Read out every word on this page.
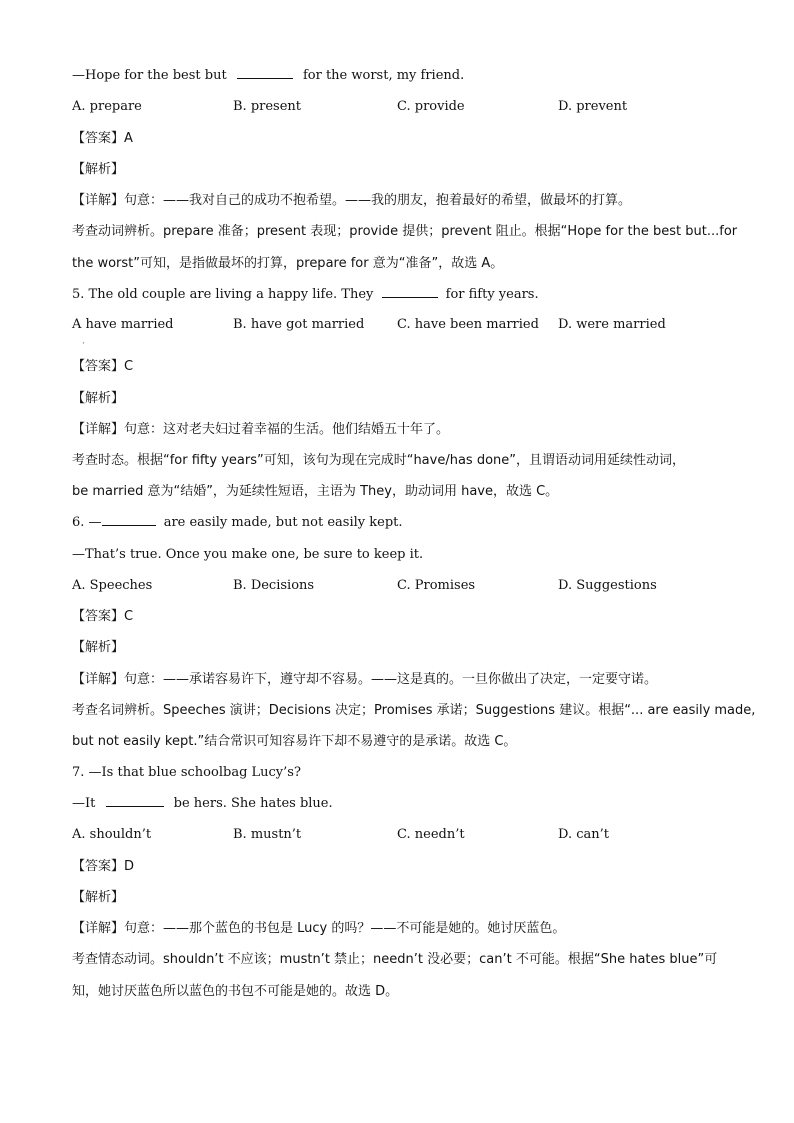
—Hope for the best but	for the worst, my friend.
A. prepare	B. present	C. provide	D. prevent
【答案】A
【解析】
【详解】句意：——我对自己的成功不抱希望。——我的朋友，抱着最好的希望，做最坏的打算。
考查动词辨析。prepare 准备；present 表现；provide 提供；prevent 阻止。根据“Hope for the best but...for
the worst”可知，是指做最坏的打算，prepare for 意为“准备”，故选 A。
5. The old couple are living a happy life. They	for fifty years.
A have married	B. have got married	C. have been married D. were married
·
【答案】C
【解析】
【详解】句意：这对老夫妇过着幸福的生活。他们结婚五十年了。
考查时态。根据“for fifty years”可知，该句为现在完成时“have/has done”，且谓语动词用延续性动词，
be married 意为“结婚”，为延续性短语，主语为 They，助动词用 have，故选 C。
6. —	are easily made, but not easily kept.
—That’s true. Once you make one, be sure to keep it.
A. Speeches	B. Decisions	C. Promises	D. Suggestions
【答案】C
【解析】
【详解】句意：——承诺容易许下，遵守却不容易。——这是真的。一旦你做出了决定，一定要守诺。
考查名词辨析。Speeches 演讲；Decisions 决定；Promises 承诺；Suggestions 建议。根据“... are easily made,
but not easily kept.”结合常识可知容易许下却不易遵守的是承诺。故选 C。
7. —Is that blue schoolbag Lucy’s?
—It	be hers. She hates blue.
A. shouldn’t	B. mustn’t	C. needn’t	D. can’t
【答案】D
【解析】
【详解】句意：——那个蓝色的书包是 Lucy 的吗？——不可能是她的。她讨厌蓝色。
考查情态动词。shouldn’t 不应该；mustn’t 禁止；needn’t 没必要；can’t 不可能。根据“She hates blue”可
知，她讨厌蓝色所以蓝色的书包不可能是她的。故选 D。
